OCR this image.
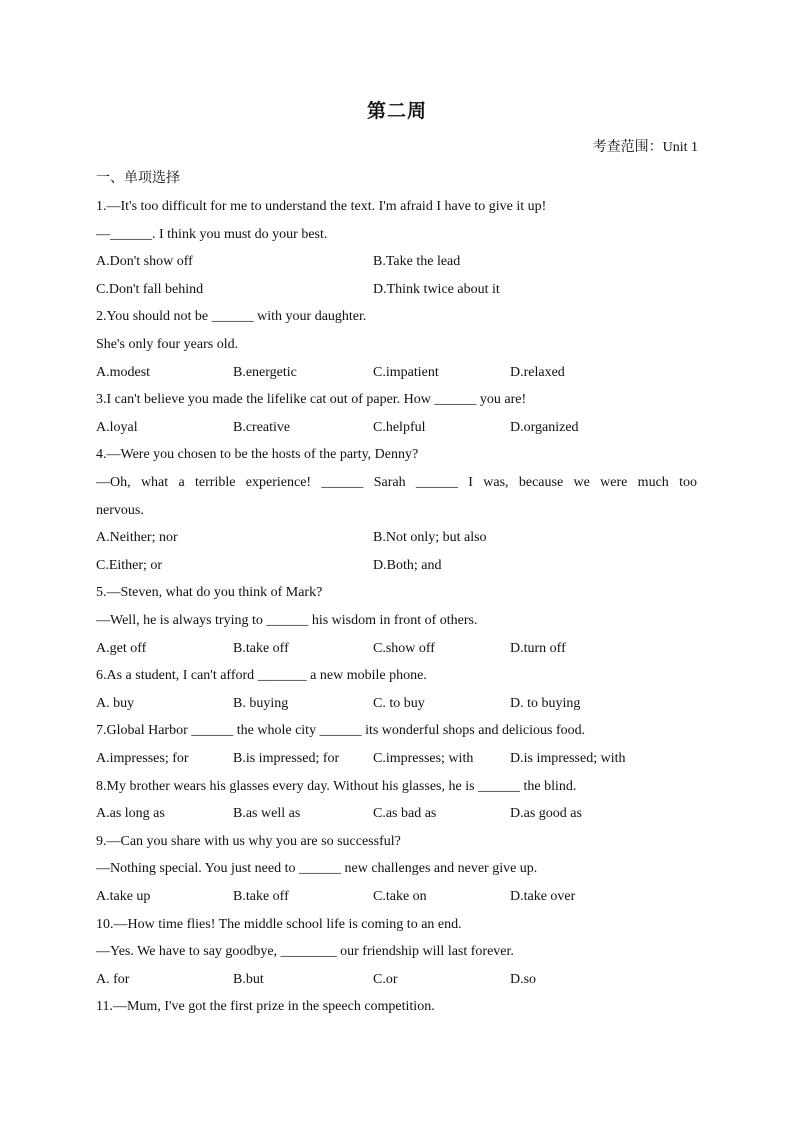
第二周
考查范围：Unit 1
一、单项选择
1.—It's too difficult for me to understand the text. I'm afraid I have to give it up!
—______. I think you must do your best.
A.Don't show off	B.Take the lead
C.Don't fall behind	D.Think twice about it
2.You should not be ______ with your daughter.
She's only four years old.
A.modest	B.energetic	C.impatient	D.relaxed
3.I can't believe you made the lifelike cat out of paper. How ______ you are!
A.loyal	B.creative	C.helpful	D.organized
4.—Were you chosen to be the hosts of the party, Denny?
—Oh, what a terrible experience! ______ Sarah ______ I was, because we were much too
nervous.
A.Neither; nor	B.Not only; but also
C.Either; or	D.Both; and
5.—Steven, what do you think of Mark?
—Well, he is always trying to ______ his wisdom in front of others.
A.get off	B.take off	C.show off	D.turn off
6.As a student, I can't afford _______ a new mobile phone.
A. buy	B. buying	C. to buy	D. to buying
7.Global Harbor ______ the whole city ______ its wonderful shops and delicious food.
A.impresses; for	B.is impressed; for C.impresses; with	D.is impressed; with
8.My brother wears his glasses every day. Without his glasses, he is ______ the blind.
A.as long as	B.as well as	C.as bad as	D.as good as
9.—Can you share with us why you are so successful?
—Nothing special. You just need to ______ new challenges and never give up.
A.take up	B.take off	C.take on	D.take over
10.—How time flies! The middle school life is coming to an end.
—Yes. We have to say goodbye, ________ our friendship will last forever.
A. for	B.but	C.or	D.so
11.—Mum, I've got the first prize in the speech competition.
